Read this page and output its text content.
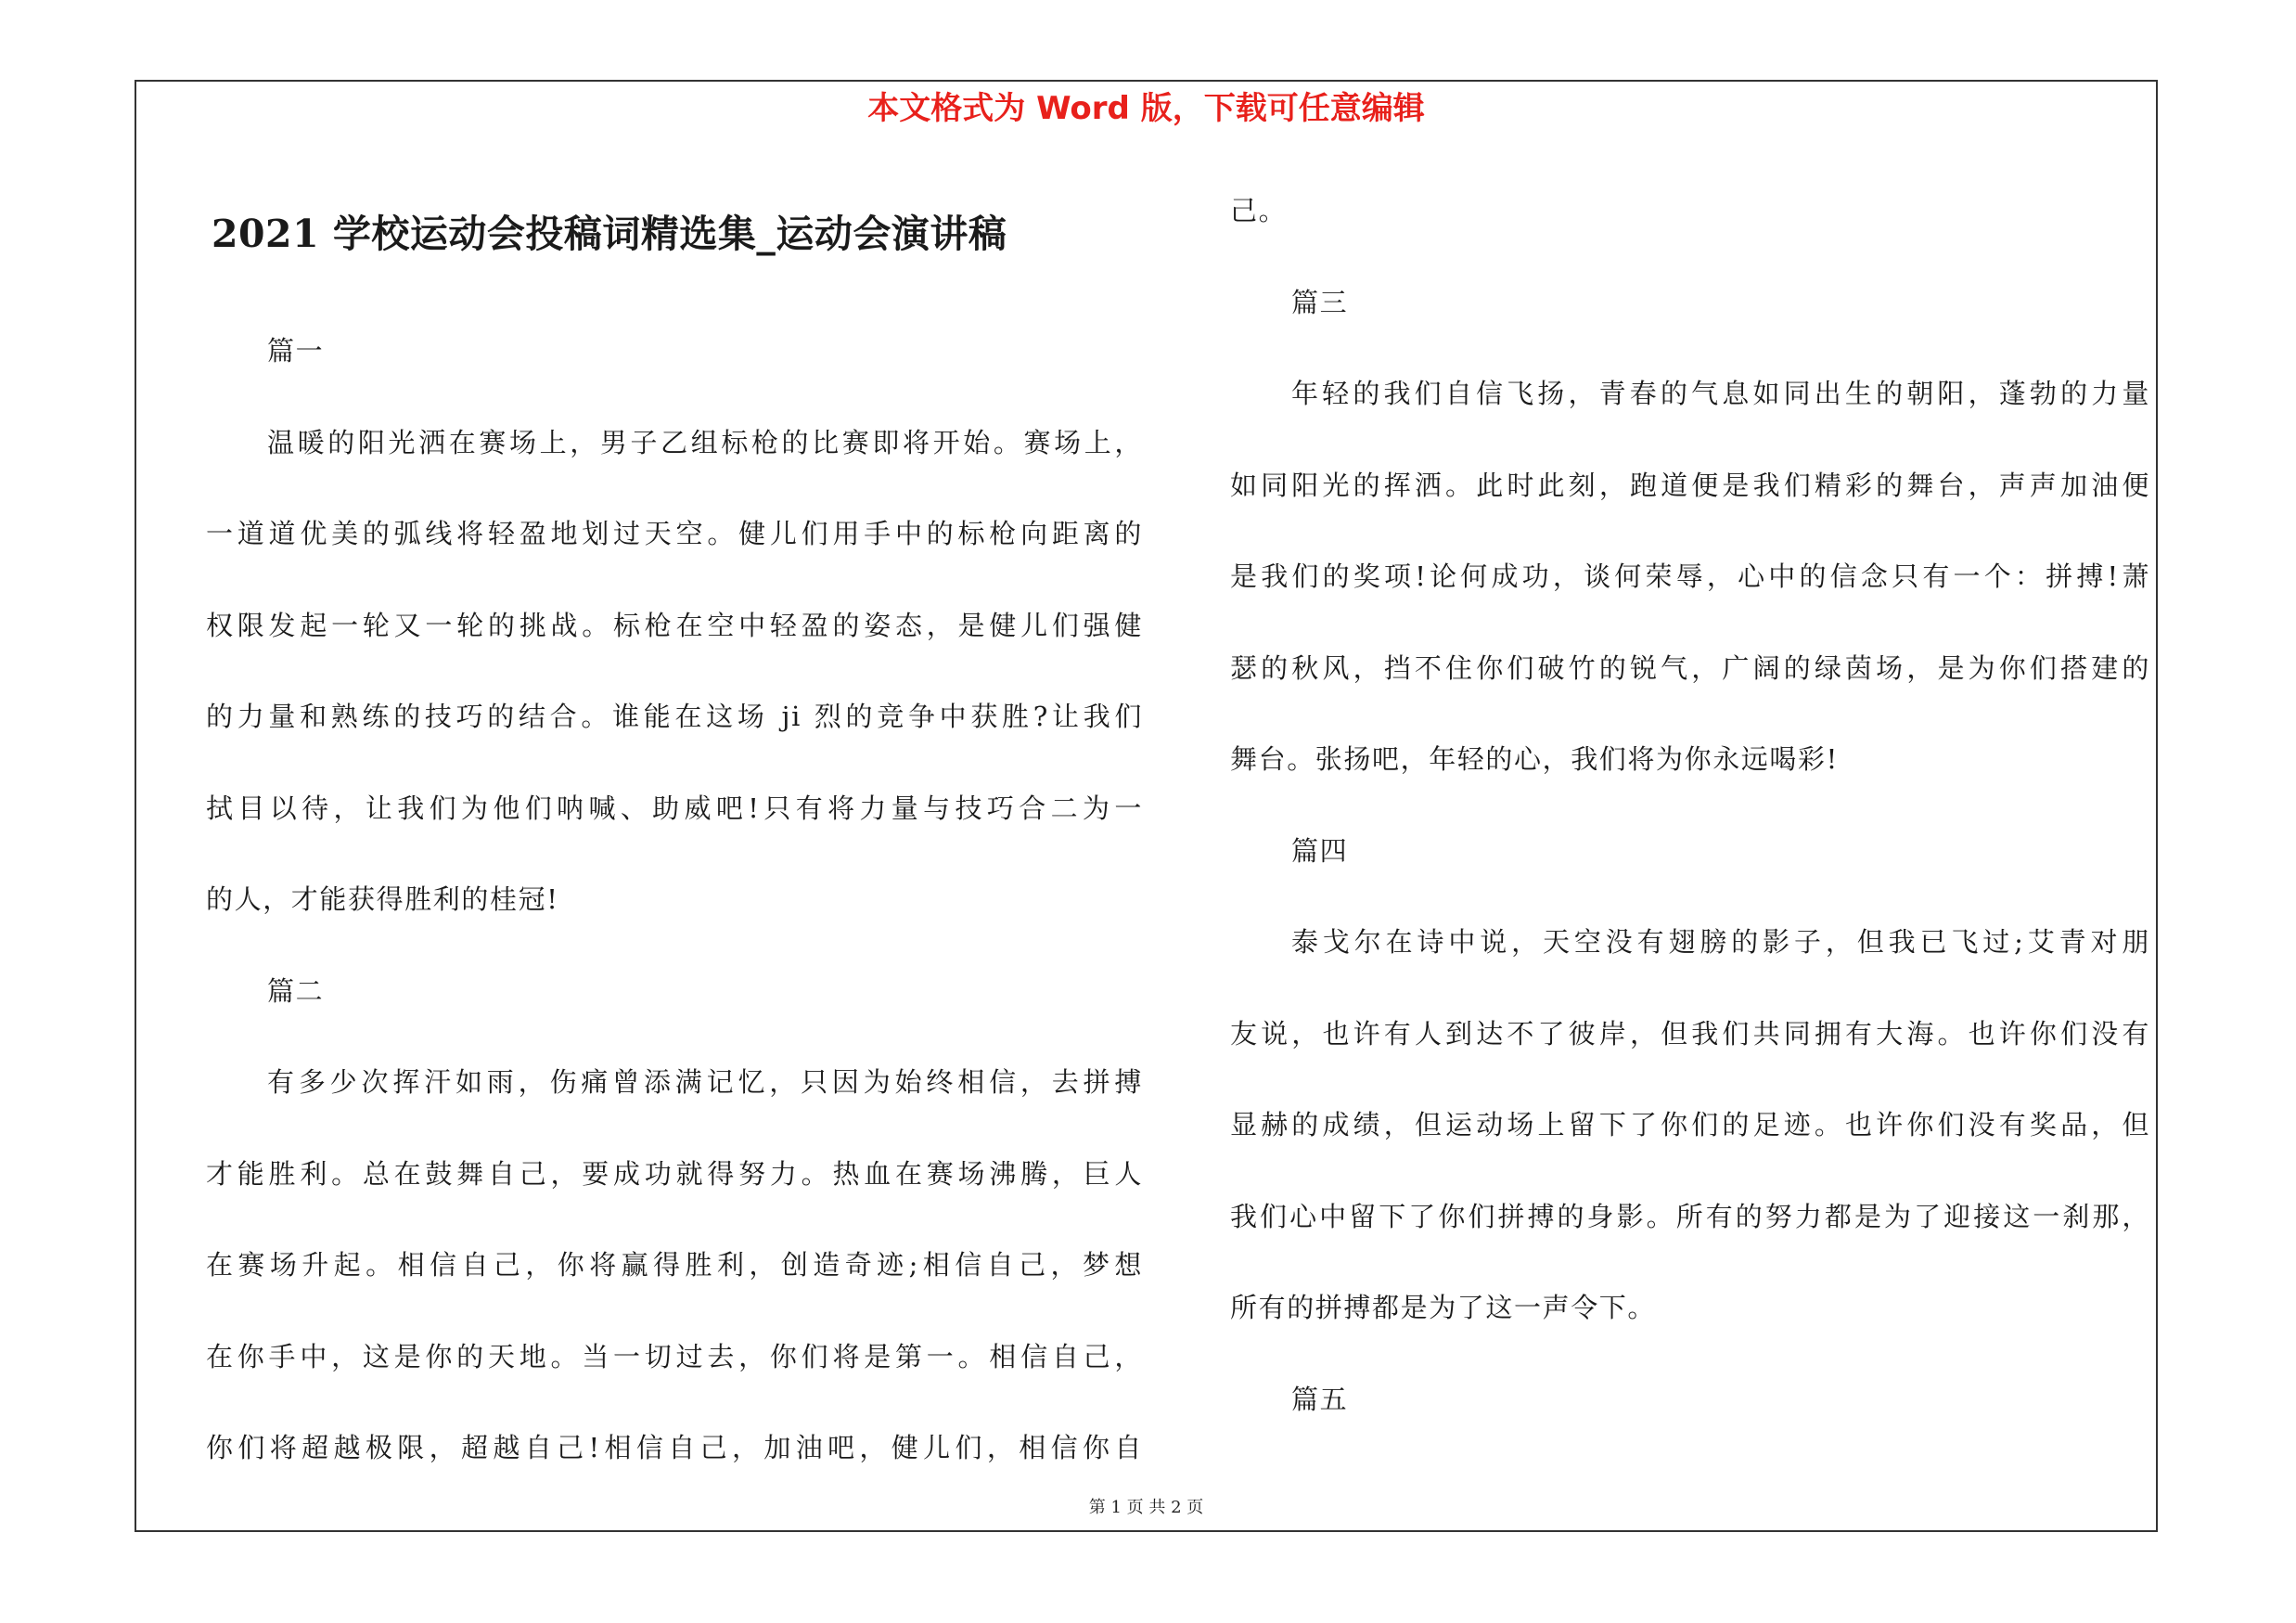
本文格式为 Word 版，下载可任意编辑
2021 学校运动会投稿词精选集_运动会演讲稿
篇一
温暖的阳光洒在赛场上，男子乙组标枪的比赛即将开始。赛场上，
一道道优美的弧线将轻盈地划过天空。健儿们用手中的标枪向距离的
权限发起一轮又一轮的挑战。标枪在空中轻盈的姿态，是健儿们强健
的力量和熟练的技巧的结合。谁能在这场 ji 烈的竞争中获胜?让我们
拭目以待，让我们为他们呐喊、助威吧!只有将力量与技巧合二为一
的人，才能获得胜利的桂冠!
篇二
有多少次挥汗如雨，伤痛曾添满记忆，只因为始终相信，去拼搏
才能胜利。总在鼓舞自己，要成功就得努力。热血在赛场沸腾，巨人
在赛场升起。相信自己，你将赢得胜利，创造奇迹;相信自己，梦想
在你手中，这是你的天地。当一切过去，你们将是第一。相信自己，
你们将超越极限，超越自己!相信自己，加油吧，健儿们，相信你自
己。
篇三
年轻的我们自信飞扬，青春的气息如同出生的朝阳，蓬勃的力量
如同阳光的挥洒。此时此刻，跑道便是我们精彩的舞台，声声加油便
是我们的奖项!论何成功，谈何荣辱，心中的信念只有一个：拼搏!萧
瑟的秋风，挡不住你们破竹的锐气，广阔的绿茵场，是为你们搭建的
舞台。张扬吧，年轻的心，我们将为你永远喝彩!
篇四
泰戈尔在诗中说，天空没有翅膀的影子，但我已飞过;艾青对朋
友说，也许有人到达不了彼岸，但我们共同拥有大海。也许你们没有
显赫的成绩，但运动场上留下了你们的足迹。也许你们没有奖品，但
我们心中留下了你们拼搏的身影。所有的努力都是为了迎接这一刹那，
所有的拼搏都是为了这一声令下。
篇五
第 1 页 共 2 页
